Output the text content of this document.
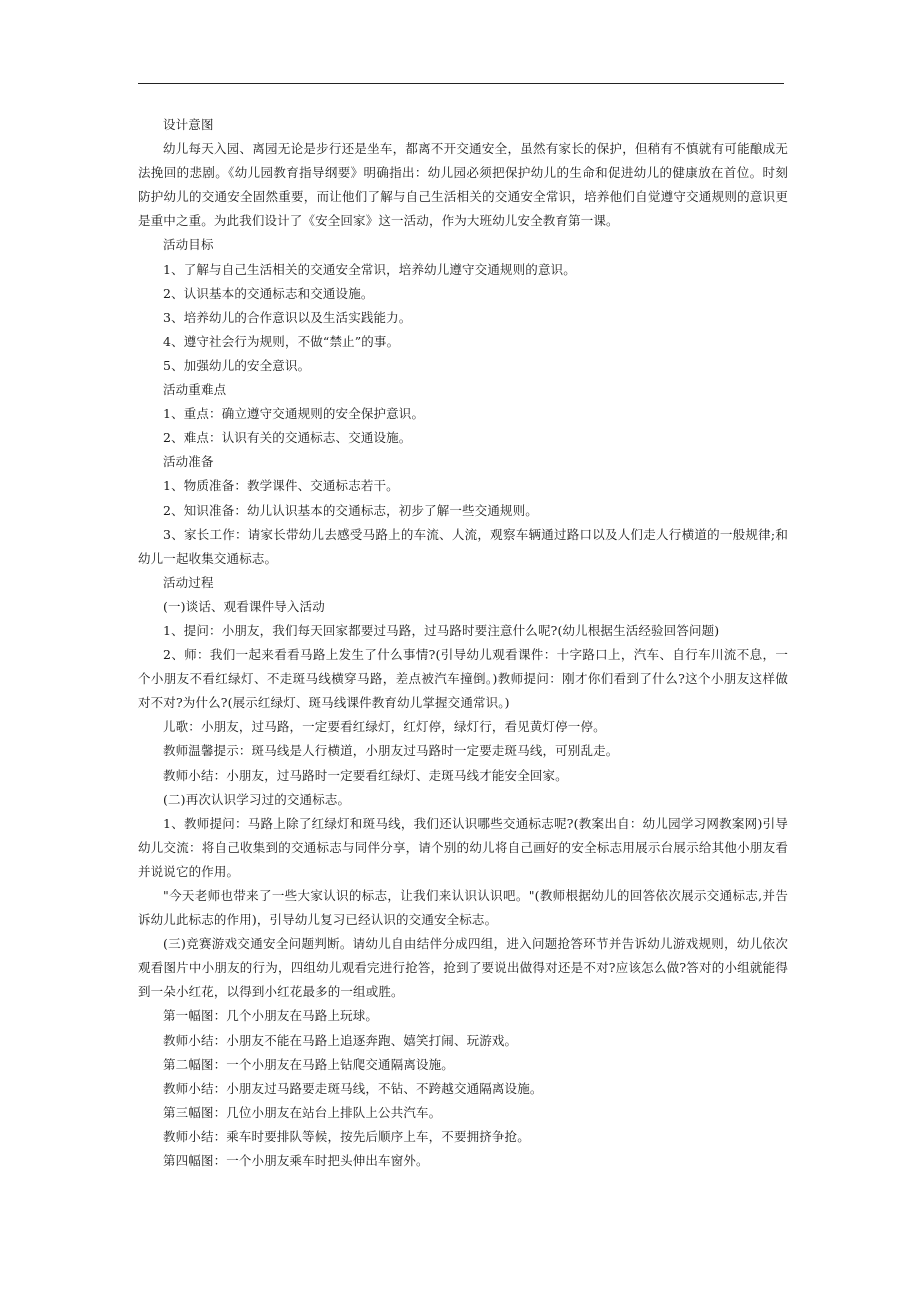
设计意图

幼儿每天入园、离园无论是步行还是坐车，都离不开交通安全，虽然有家长的保护，但稍有不慎就有可能酿成无法挽回的悲剧。《幼儿园教育指导纲要》明确指出：幼儿园必须把保护幼儿的生命和促进幼儿的健康放在首位。时刻防护幼儿的交通安全固然重要，而让他们了解与自己生活相关的交通安全常识，培养他们自觉遵守交通规则的意识更是重中之重。为此我们设计了《安全回家》这一活动，作为大班幼儿安全教育第一课。

活动目标

1、了解与自己生活相关的交通安全常识，培养幼儿遵守交通规则的意识。

2、认识基本的交通标志和交通设施。

3、培养幼儿的合作意识以及生活实践能力。

4、遵守社会行为规则，不做“禁止”的事。

5、加强幼儿的安全意识。

活动重难点

1、重点：确立遵守交通规则的安全保护意识。

2、难点：认识有关的交通标志、交通设施。

活动准备

1、物质准备：教学课件、交通标志若干。

2、知识准备：幼儿认识基本的交通标志，初步了解一些交通规则。

3、家长工作：请家长带幼儿去感受马路上的车流、人流，观察车辆通过路口以及人们走人行横道的一般规律;和幼儿一起收集交通标志。

活动过程

(一)谈话、观看课件导入活动

1、提问：小朋友，我们每天回家都要过马路，过马路时要注意什么呢?(幼儿根据生活经验回答问题)

2、师：我们一起来看看马路上发生了什么事情?(引导幼儿观看课件：十字路口上，汽车、自行车川流不息，一个小朋友不看红绿灯、不走斑马线横穿马路，差点被汽车撞倒。)教师提问：刚才你们看到了什么?这个小朋友这样做对不对?为什么?(展示红绿灯、斑马线课件教育幼儿掌握交通常识。)

儿歌：小朋友，过马路，一定要看红绿灯，红灯停，绿灯行，看见黄灯停一停。

教师温馨提示：斑马线是人行横道，小朋友过马路时一定要走斑马线，可别乱走。

教师小结：小朋友，过马路时一定要看红绿灯、走斑马线才能安全回家。

(二)再次认识学习过的交通标志。

1、教师提问：马路上除了红绿灯和斑马线，我们还认识哪些交通标志呢?(教案出自：幼儿园学习网教案网)引导幼儿交流：将自己收集到的交通标志与同伴分享，请个别的幼儿将自己画好的安全标志用展示台展示给其他小朋友看并说说它的作用。

"今天老师也带来了一些大家认识的标志，让我们来认识认识吧。"(教师根据幼儿的回答依次展示交通标志,并告诉幼儿此标志的作用)，引导幼儿复习已经认识的交通安全标志。

(三)竞赛游戏交通安全问题判断。请幼儿自由结伴分成四组，进入问题抢答环节并告诉幼儿游戏规则，幼儿依次观看图片中小朋友的行为，四组幼儿观看完进行抢答，抢到了要说出做得对还是不对?应该怎么做?答对的小组就能得到一朵小红花，以得到小红花最多的一组或胜。

第一幅图：几个小朋友在马路上玩球。

教师小结：小朋友不能在马路上追逐奔跑、嬉笑打闹、玩游戏。

第二幅图：一个小朋友在马路上钻爬交通隔离设施。

教师小结：小朋友过马路要走斑马线，不钻、不跨越交通隔离设施。

第三幅图：几位小朋友在站台上排队上公共汽车。

教师小结：乘车时要排队等候，按先后顺序上车，不要拥挤争抢。

第四幅图：一个小朋友乘车时把头伸出车窗外。
